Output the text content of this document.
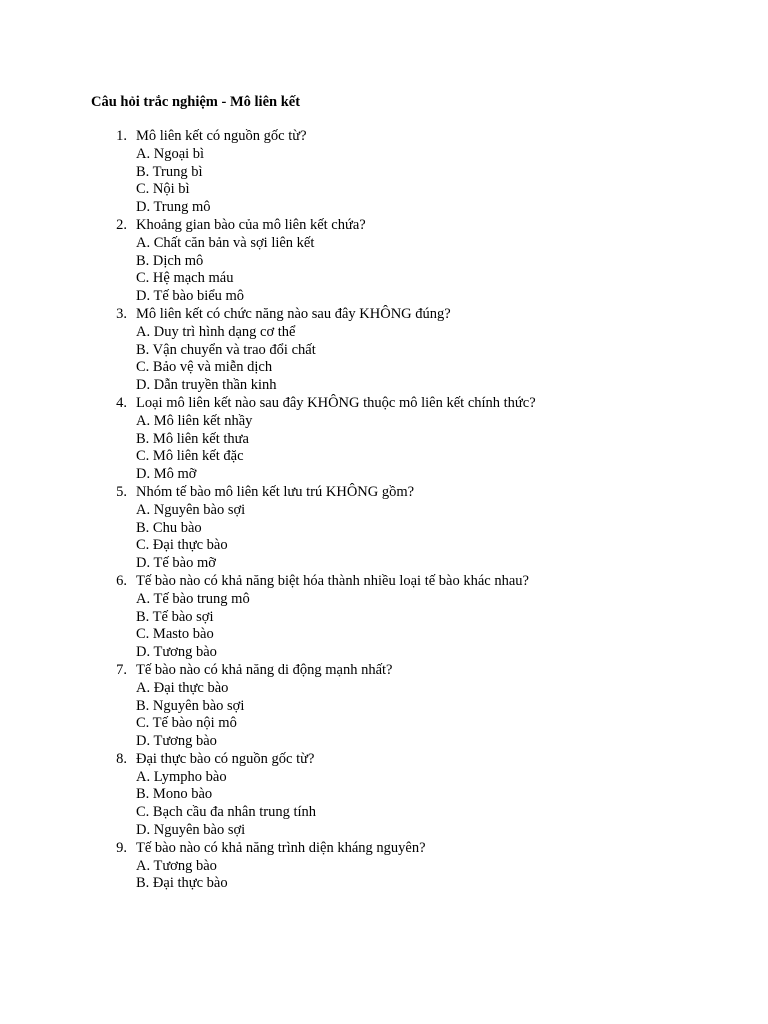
Câu hỏi trắc nghiệm - Mô liên kết
1. Mô liên kết có nguồn gốc từ?
A. Ngoại bì
B. Trung bì
C. Nội bì
D. Trung mô
2. Khoảng gian bào của mô liên kết chứa?
A. Chất căn bản và sợi liên kết
B. Dịch mô
C. Hệ mạch máu
D. Tế bào biểu mô
3. Mô liên kết có chức năng nào sau đây KHÔNG đúng?
A. Duy trì hình dạng cơ thể
B. Vận chuyển và trao đổi chất
C. Bảo vệ và miễn dịch
D. Dẫn truyền thần kinh
4. Loại mô liên kết nào sau đây KHÔNG thuộc mô liên kết chính thức?
A. Mô liên kết nhầy
B. Mô liên kết thưa
C. Mô liên kết đặc
D. Mô mỡ
5. Nhóm tế bào mô liên kết lưu trú KHÔNG gồm?
A. Nguyên bào sợi
B. Chu bào
C. Đại thực bào
D. Tế bào mỡ
6. Tế bào nào có khả năng biệt hóa thành nhiều loại tế bào khác nhau?
A. Tế bào trung mô
B. Tế bào sợi
C. Masto bào
D. Tương bào
7. Tế bào nào có khả năng di động mạnh nhất?
A. Đại thực bào
B. Nguyên bào sợi
C. Tế bào nội mô
D. Tương bào
8. Đại thực bào có nguồn gốc từ?
A. Lympho bào
B. Mono bào
C. Bạch cầu đa nhân trung tính
D. Nguyên bào sợi
9. Tế bào nào có khả năng trình diện kháng nguyên?
A. Tương bào
B. Đại thực bào
